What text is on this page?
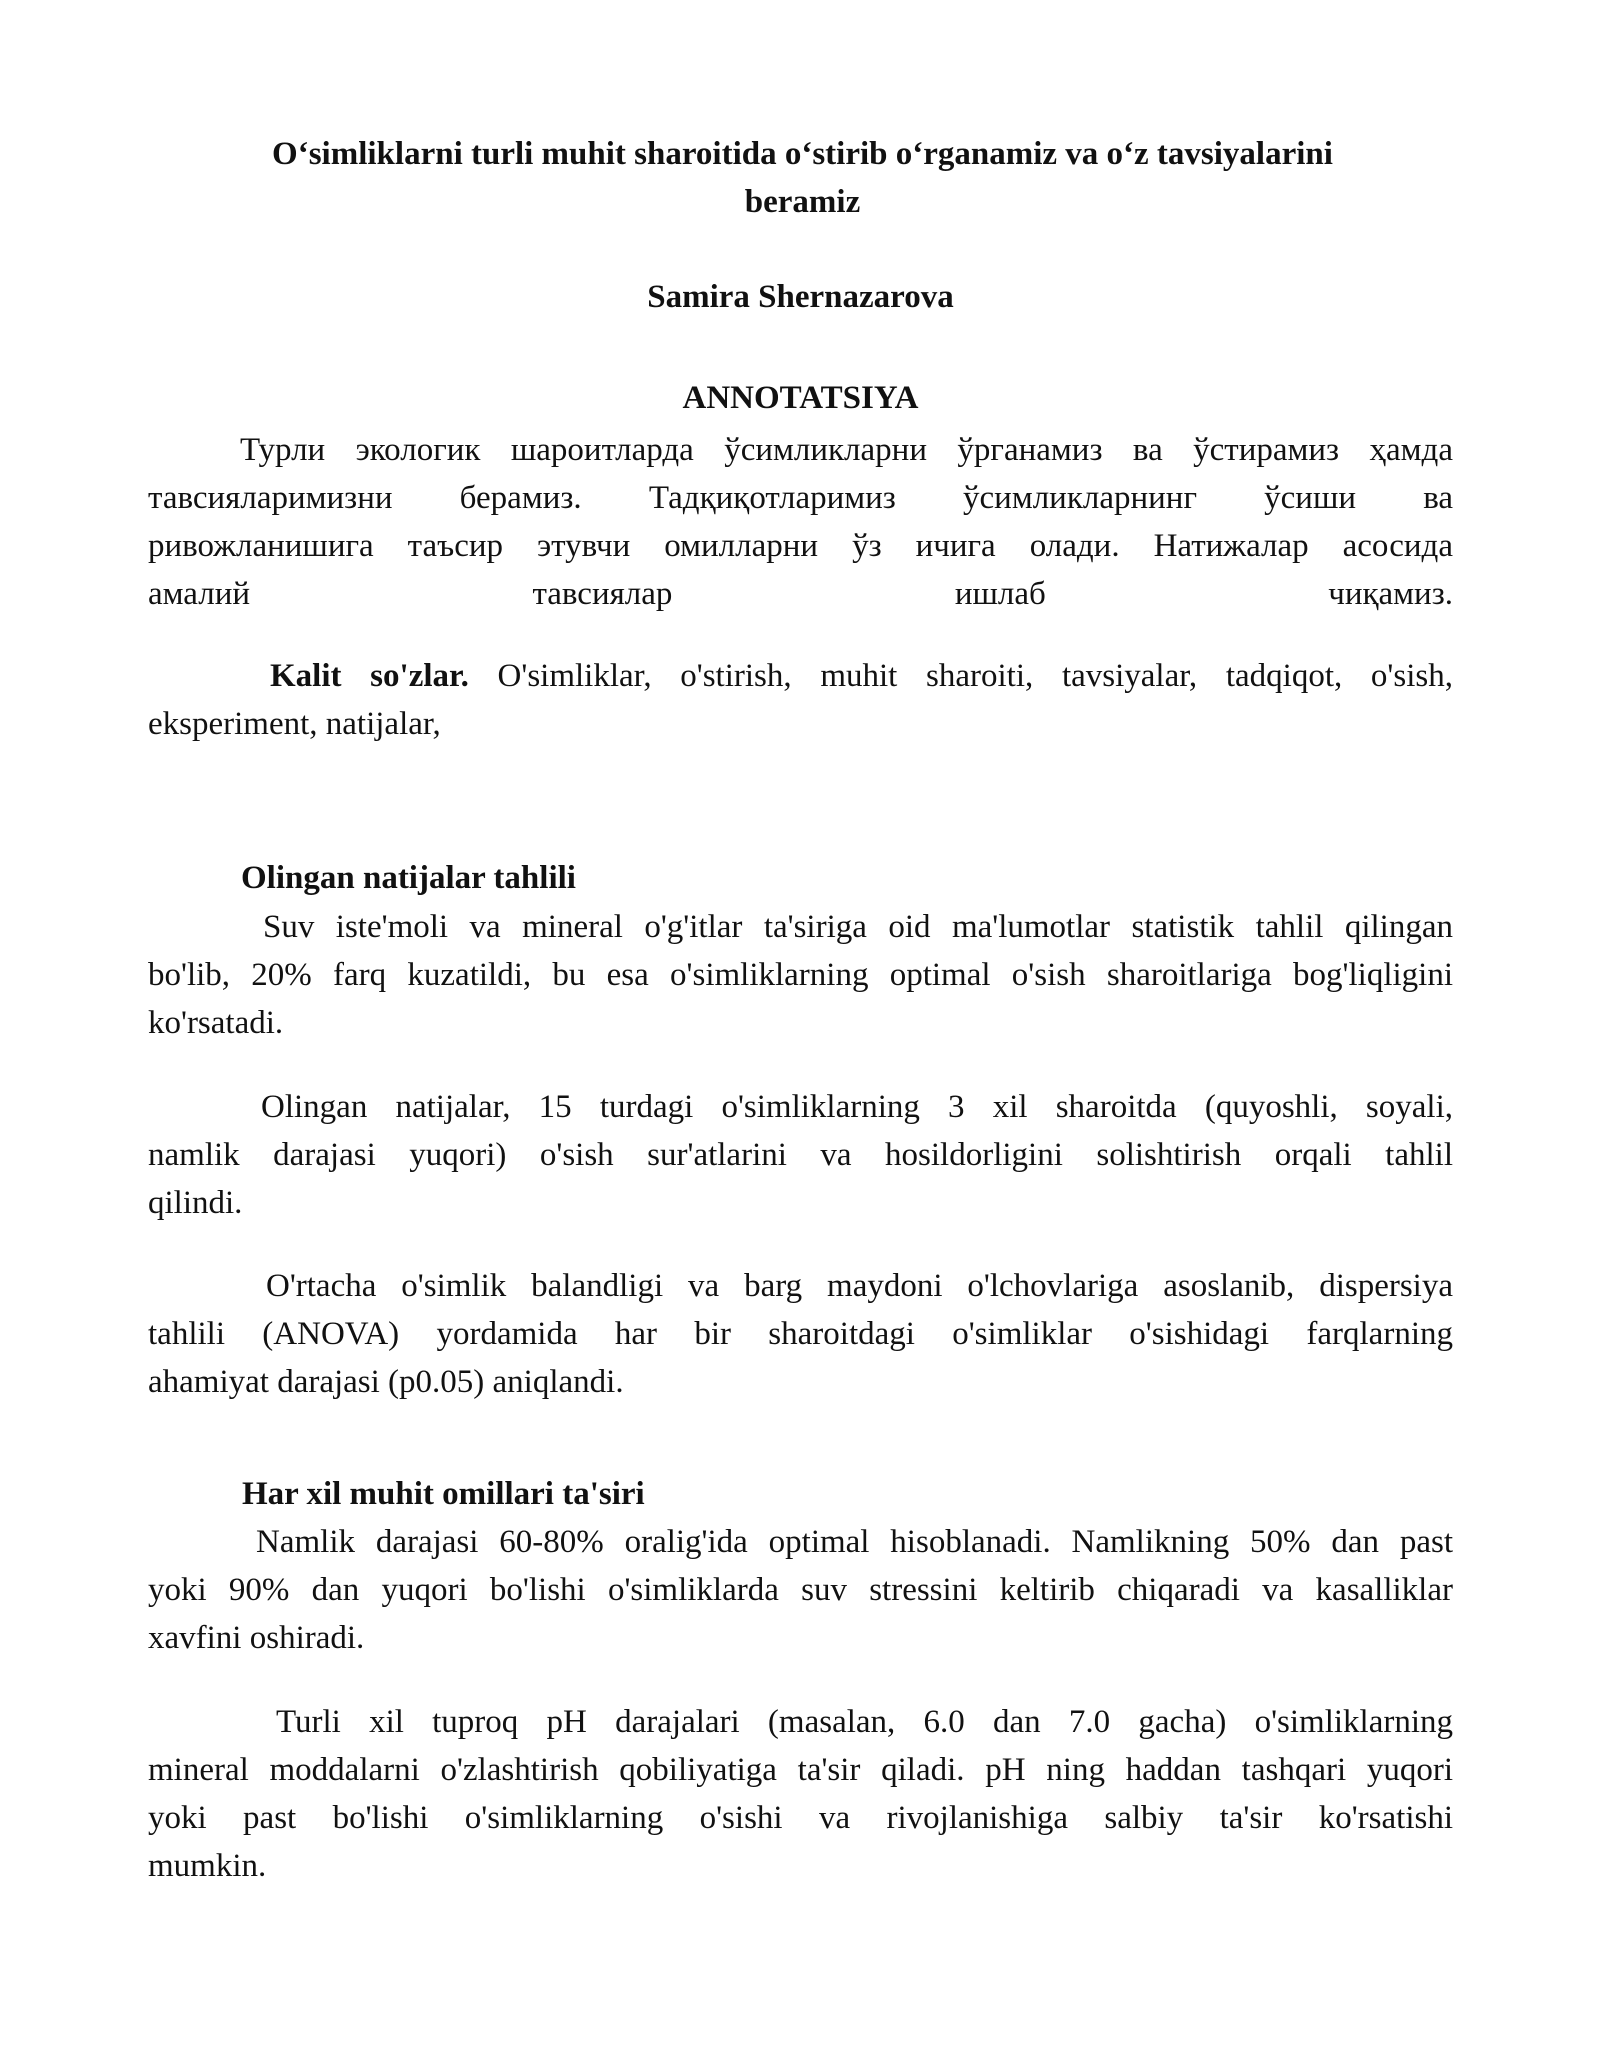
O‘simliklarni turli muhit sharoitida o‘stirib o‘rganamiz va o‘z tavsiyalarini
beramiz
Samira Shernazarova
ANNOTATSIYA
Турли экологик шароитларда ўсимликларни ўрганамиз ва ўстирамиз ҳамда
тавсияларимизни берамиз. Тадқиқотларимиз ўсимликларнинг ўсиши ва
ривожланишига таъсир этувчи омилларни ўз ичига олади. Натижалар асосида
амалий тавсиялар ишлаб чиқамиз.
Kalit so'zlar. O'simliklar, o'stirish, muhit sharoiti, tavsiyalar, tadqiqot, o'sish,
eksperiment, natijalar,
Olingan natijalar tahlili
Suv iste'moli va mineral o'g'itlar ta'siriga oid ma'lumotlar statistik tahlil qilingan
bo'lib, 20% farq kuzatildi, bu esa o'simliklarning optimal o'sish sharoitlariga bog'liqligini
ko'rsatadi.
Olingan natijalar, 15 turdagi o'simliklarning 3 xil sharoitda (quyoshli, soyali,
namlik darajasi yuqori) o'sish sur'atlarini va hosildorligini solishtirish orqali tahlil
qilindi.
O'rtacha o'simlik balandligi va barg maydoni o'lchovlariga asoslanib, dispersiya
tahlili (ANOVA) yordamida har bir sharoitdagi o'simliklar o'sishidagi farqlarning
ahamiyat darajasi (p0.05) aniqlandi.
Har xil muhit omillari ta'siri
Namlik darajasi 60-80% oralig'ida optimal hisoblanadi. Namlikning 50% dan past
yoki 90% dan yuqori bo'lishi o'simliklarda suv stressini keltirib chiqaradi va kasalliklar
xavfini oshiradi.
Turli xil tuproq pH darajalari (masalan, 6.0 dan 7.0 gacha) o'simliklarning
mineral moddalarni o'zlashtirish qobiliyatiga ta'sir qiladi. pH ning haddan tashqari yuqori
yoki past bo'lishi o'simliklarning o'sishi va rivojlanishiga salbiy ta'sir ko'rsatishi
mumkin.
